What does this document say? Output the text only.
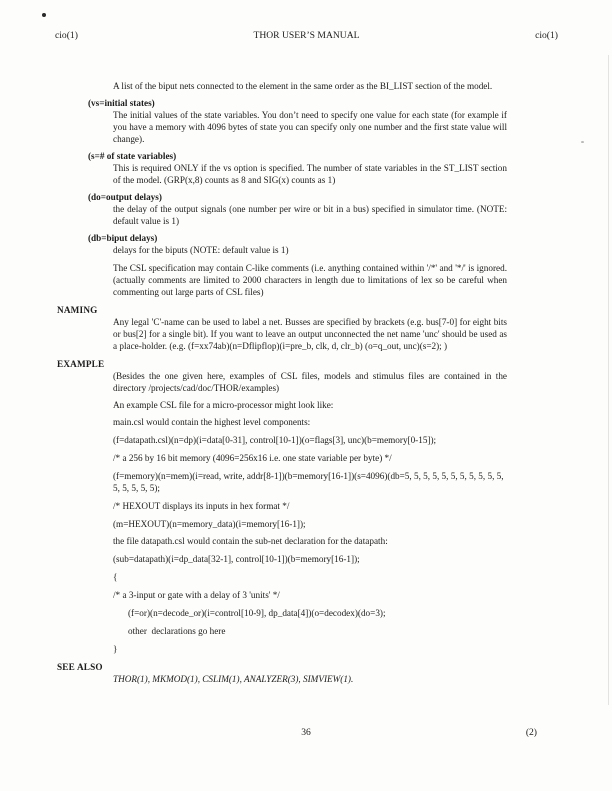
cio(1)	THOR USER’S MANUAL	cio(1)

A list of the biput nets connected to the element in the same order as the BI_LIST section of the model.

(vs=initial states)

The initial values of the state variables. You don’t need to specify one value for each state (for example if you have a memory with 4096 bytes of state you can specify only one number and the first state value will change).

(s=# of state variables)

This is required ONLY if the vs option is specified. The number of state variables in the ST_LIST section of the model. (GRP(x,8) counts as 8 and SIG(x) counts as 1)

(do=output delays)

the delay of the output signals (one number per wire or bit in a bus) specified in simulator time. (NOTE: default value is 1)

(db=biput delays)

delays for the biputs (NOTE: default value is 1)

The CSL specification may contain C-like comments (i.e. anything contained within '/*' and '*/' is ignored. (actually comments are limited to 2000 characters in length due to limitations of lex so be careful when commenting out large parts of CSL files)

NAMING

Any legal 'C'-name can be used to label a net. Busses are specified by brackets (e.g. bus[7-0] for eight bits or bus[2] for a single bit). If you want to leave an output unconnected the net name 'unc' should be used as a place-holder. (e.g. (f=xx74ab)(n=Dflipflop)(i=pre_b, clk, d, clr_b) (o=q_out, unc)(s=2); )

EXAMPLE

(Besides the one given here, examples of CSL files, models and stimulus files are contained in the directory /projects/cad/doc/THOR/examples)

An example CSL file for a micro-processor might look like:

main.csl would contain the highest level components:

(f=datapath.csl)(n=dp)(i=data[0-31], control[10-1])(o=flags[3], unc)(b=memory[0-15]);

/* a 256 by 16 bit memory (4096=256x16 i.e. one state variable per byte) */

(f=memory)(n=mem)(i=read, write, addr[8-1])(b=memory[16-1])(s=4096)(db=5, 5, 5, 5, 5, 5, 5, 5, 5, 5, 5, 5, 5, 5, 5, 5);

/* HEXOUT displays its inputs in hex format */

(m=HEXOUT)(n=memory_data)(i=memory[16-1]);

the file datapath.csl would contain the sub-net declaration for the datapath:

(sub=datapath)(i=dp_data[32-1], control[10-1])(b=memory[16-1]);

{

/* a 3-input or gate with a delay of 3 'units' */

(f=or)(n=decode_or)(i=control[10-9], dp_data[4])(o=decodex)(do=3);

other  declarations go here

}

SEE ALSO

THOR(1), MKMOD(1), CSLIM(1), ANALYZER(3), SIMVIEW(1).

36	(2)
